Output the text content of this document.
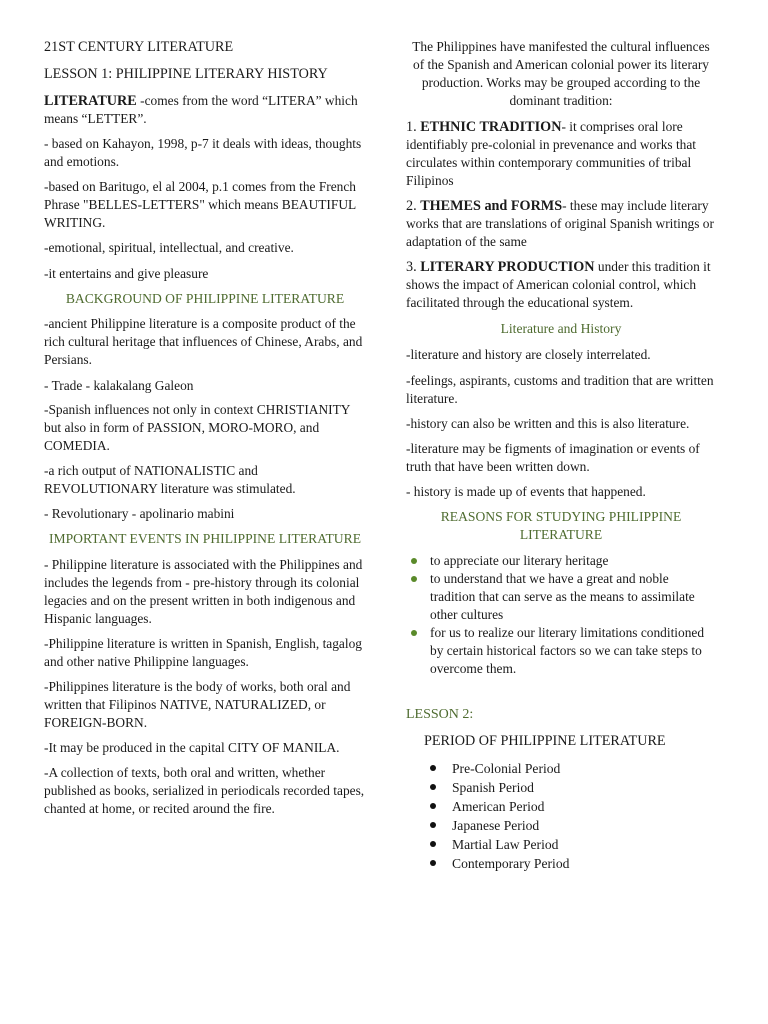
21ST CENTURY LITERATURE

LESSON 1: PHILIPPINE LITERARY HISTORY

LITERATURE -comes from the word “LITERA” which means “LETTER”.

- based on Kahayon, 1998, p-7 it deals with ideas, thoughts and emotions.

-based on Baritugo, el al 2004, p.1 comes from the French Phrase "BELLES-LETTERS" which means BEAUTIFUL WRITING.

-emotional, spiritual, intellectual, and creative.

-it entertains and give pleasure

BACKGROUND OF PHILIPPINE LITERATURE

-ancient Philippine literature is a composite product of the rich cultural heritage that influences of Chinese, Arabs, and Persians.

- Trade - kalakalang Galeon

-Spanish influences not only in context CHRISTIANITY but also in form of PASSION, MORO-MORO, and COMEDIA.

-a rich output of NATIONALISTIC and REVOLUTIONARY literature was stimulated.

- Revolutionary - apolinario mabini

IMPORTANT EVENTS IN PHILIPPINE LITERATURE

- Philippine literature is associated with the Philippines and includes the legends from - pre-history through its colonial legacies and on the present written in both indigenous and Hispanic languages.

-Philippine literature is written in Spanish, English, tagalog and other native Philippine languages.

-Philippines literature is the body of works, both oral and written that Filipinos NATIVE, NATURALIZED, or FOREIGN-BORN.

-It may be produced in the capital CITY OF MANILA.

-A collection of texts, both oral and written, whether published as books, serialized in periodicals recorded tapes, chanted at home, or recited around the fire.

The Philippines have manifested the cultural influences of the Spanish and American colonial power its literary production. Works may be grouped according to the dominant tradition:

1. ETHNIC TRADITION- it comprises oral lore identifiably pre-colonial in prevenance and works that circulates within contemporary communities of tribal Filipinos

2. THEMES and FORMS- these may include literary works that are translations of original Spanish writings or adaptation of the same

3. LITERARY PRODUCTION under this tradition it shows the impact of American colonial control, which facilitated through the educational system.

Literature and History

-literature and history are closely interrelated.

-feelings, aspirants, customs and tradition that are written literature.

-history can also be written and this is also literature.

-literature may be figments of imagination or events of truth that have been written down.

- history is made up of events that happened.

REASONS FOR STUDYING PHILIPPINE LITERATURE

to appreciate our literary heritage
to understand that we have a great and noble tradition that can serve as the means to assimilate other cultures
for us to realize our literary limitations conditioned by certain historical factors so we can take steps to overcome them.

LESSON 2:

PERIOD OF PHILIPPINE LITERATURE

Pre-Colonial Period
Spanish Period
American Period
Japanese Period
Martial Law Period
Contemporary Period
